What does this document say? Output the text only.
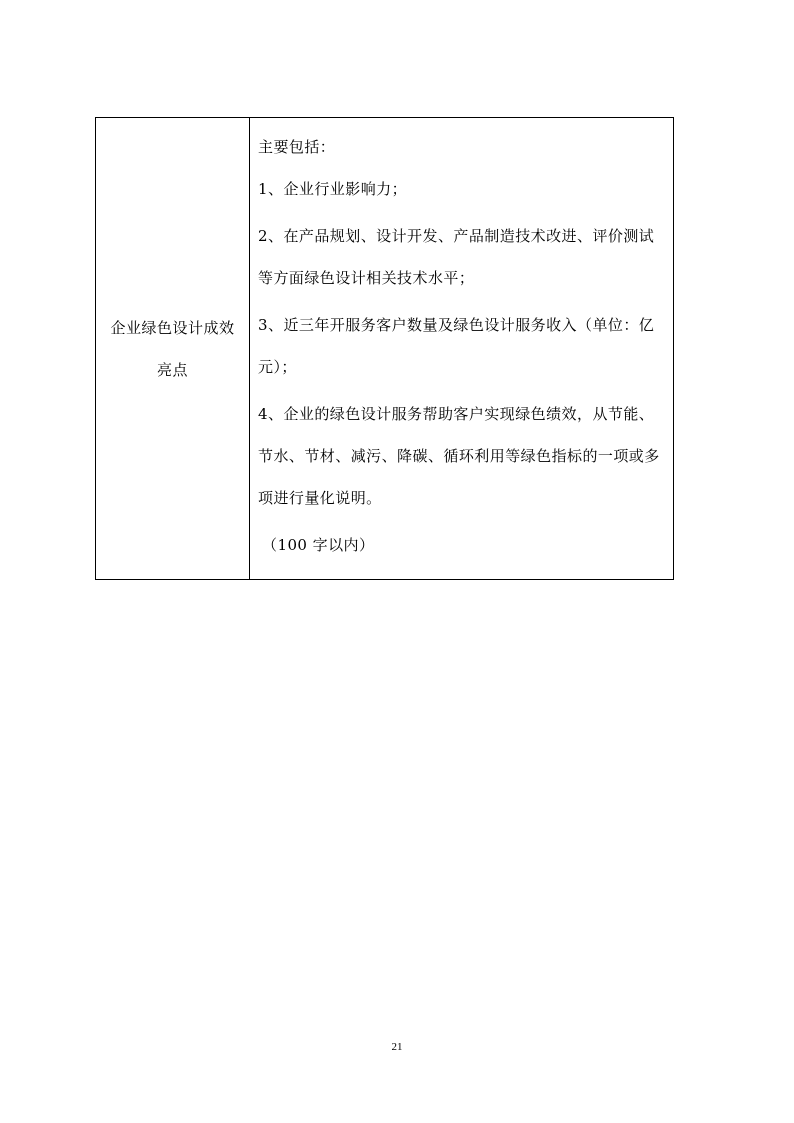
企业绿色设计成效亮点	

主要包括：

1、企业行业影响力；

2、在产品规划、设计开发、产品制造技术改进、评价测试等方面绿色设计相关技术水平；

3、近三年开服务客户数量及绿色设计服务收入（单位：亿元）；

4、企业的绿色设计服务帮助客户实现绿色绩效，从节能、节水、节材、减污、降碳、循环利用等绿色指标的一项或多项进行量化说明。

（100 字以内）

21
